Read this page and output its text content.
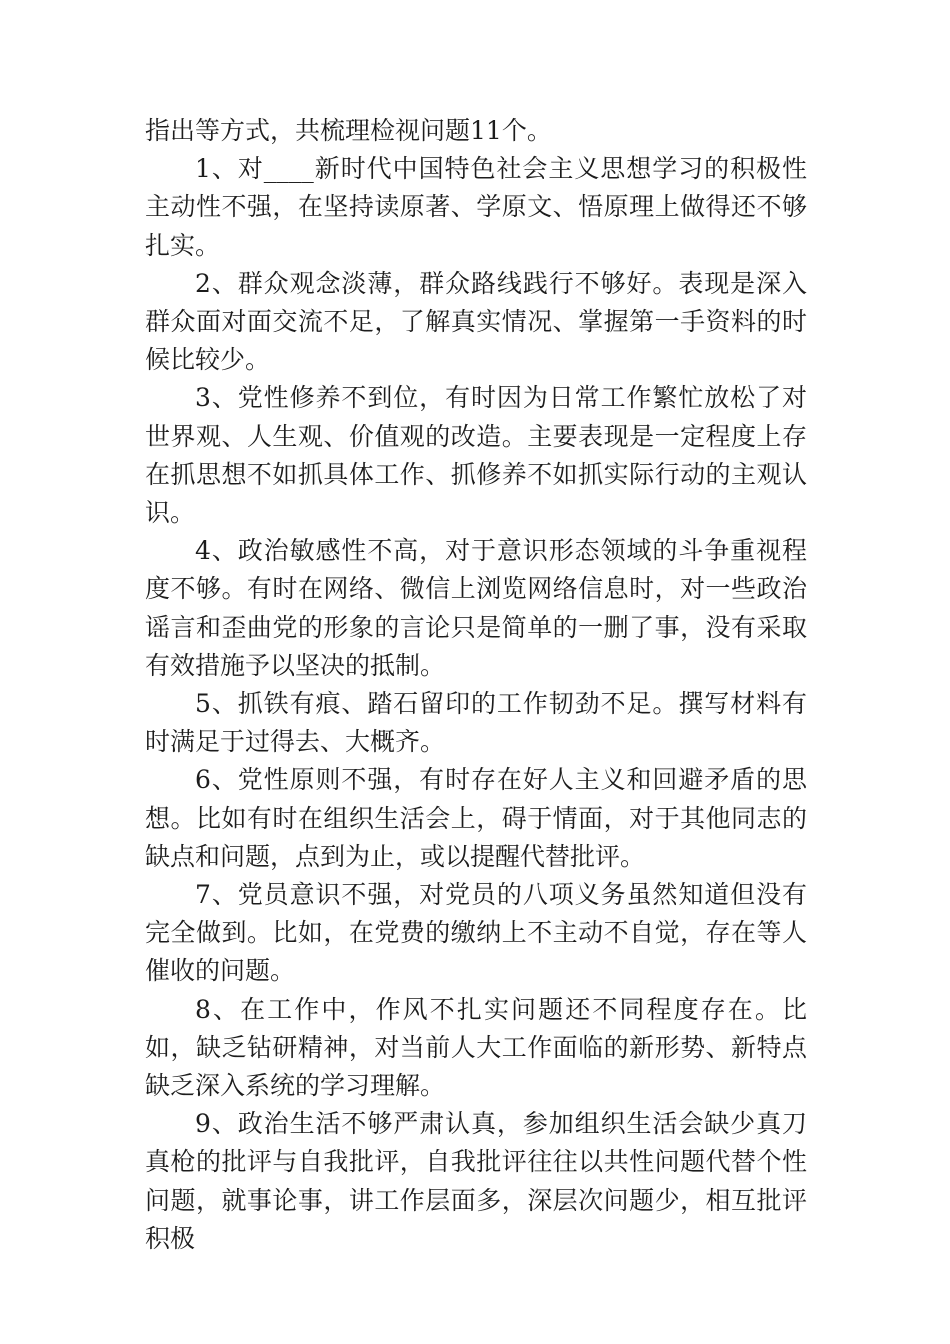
指出等方式，共梳理检视问题11个。

1、对____新时代中国特色社会主义思想学习的积极性主动性不强，在坚持读原著、学原文、悟原理上做得还不够扎实。

2、群众观念淡薄，群众路线践行不够好。表现是深入群众面对面交流不足，了解真实情况、掌握第一手资料的时候比较少。

3、党性修养不到位，有时因为日常工作繁忙放松了对世界观、人生观、价值观的改造。主要表现是一定程度上存在抓思想不如抓具体工作、抓修养不如抓实际行动的主观认识。

4、政治敏感性不高，对于意识形态领域的斗争重视程度不够。有时在网络、微信上浏览网络信息时，对一些政治谣言和歪曲党的形象的言论只是简单的一删了事，没有采取有效措施予以坚决的抵制。

5、抓铁有痕、踏石留印的工作韧劲不足。撰写材料有时满足于过得去、大概齐。

6、党性原则不强，有时存在好人主义和回避矛盾的思想。比如有时在组织生活会上，碍于情面，对于其他同志的缺点和问题，点到为止，或以提醒代替批评。

7、党员意识不强，对党员的八项义务虽然知道但没有完全做到。比如，在党费的缴纳上不主动不自觉，存在等人催收的问题。

8、在工作中，作风不扎实问题还不同程度存在。比如，缺乏钻研精神，对当前人大工作面临的新形势、新特点缺乏深入系统的学习理解。

9、政治生活不够严肃认真，参加组织生活会缺少真刀真枪的批评与自我批评，自我批评往往以共性问题代替个性问题，就事论事，讲工作层面多，深层次问题少，相互批评积极
